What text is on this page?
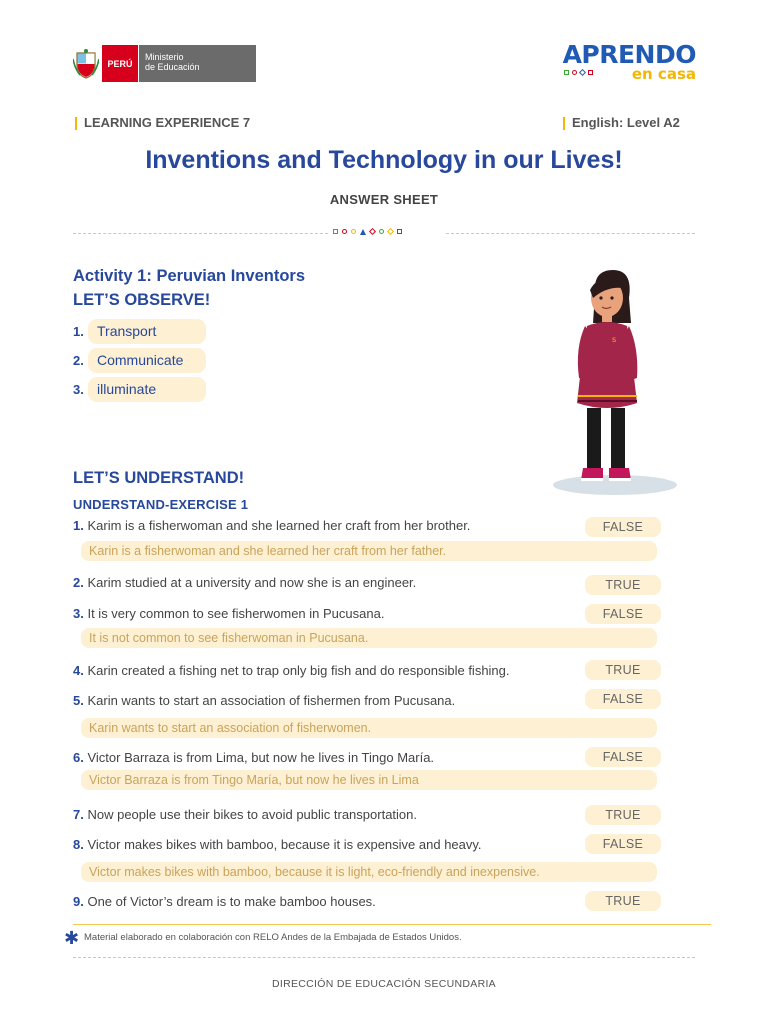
PERÚ
Ministerio
de Educación	APRENDO
en casa
LEARNING EXPERIENCE 7	English: Level A2
Inventions and Technology in our Lives!
ANSWER SHEET
Activity 1: Peruvian Inventors
LET’S OBSERVE!
1. Transport
2. Communicate
3. illuminate
s
LET’S UNDERSTAND!
UNDERSTAND-EXERCISE 1
1. Karim is a fisherwoman and she learned her craft from her brother.	FALSE
Karin is a fisherwoman and she learned her craft from her father.
2. Karim studied at a university and now she is an engineer.	TRUE
3. It is very common to see fisherwomen in Pucusana.	FALSE
It is not common to see fisherwoman in Pucusana.
4. Karin created a fishing net to trap only big fish and do responsible fishing.	TRUE
5. Karin wants to start an association of fishermen from Pucusana.	FALSE
Karin wants to start an association of fisherwomen.
6. Victor Barraza is from Lima, but now he lives in Tingo María.	FALSE
Victor Barraza is from Tingo María, but now he lives in Lima
7. Now people use their bikes to avoid public transportation.	TRUE
8. Victor makes bikes with bamboo, because it is expensive and heavy.	FALSE
Victor makes bikes with bamboo, because it is light, eco-friendly and inexpensive.
9. One of Victor’s dream is to make bamboo houses.	TRUE
✱ Material elaborado en colaboración con RELO Andes de la Embajada de Estados Unidos.
DIRECCIÓN DE EDUCACIÓN SECUNDARIA
